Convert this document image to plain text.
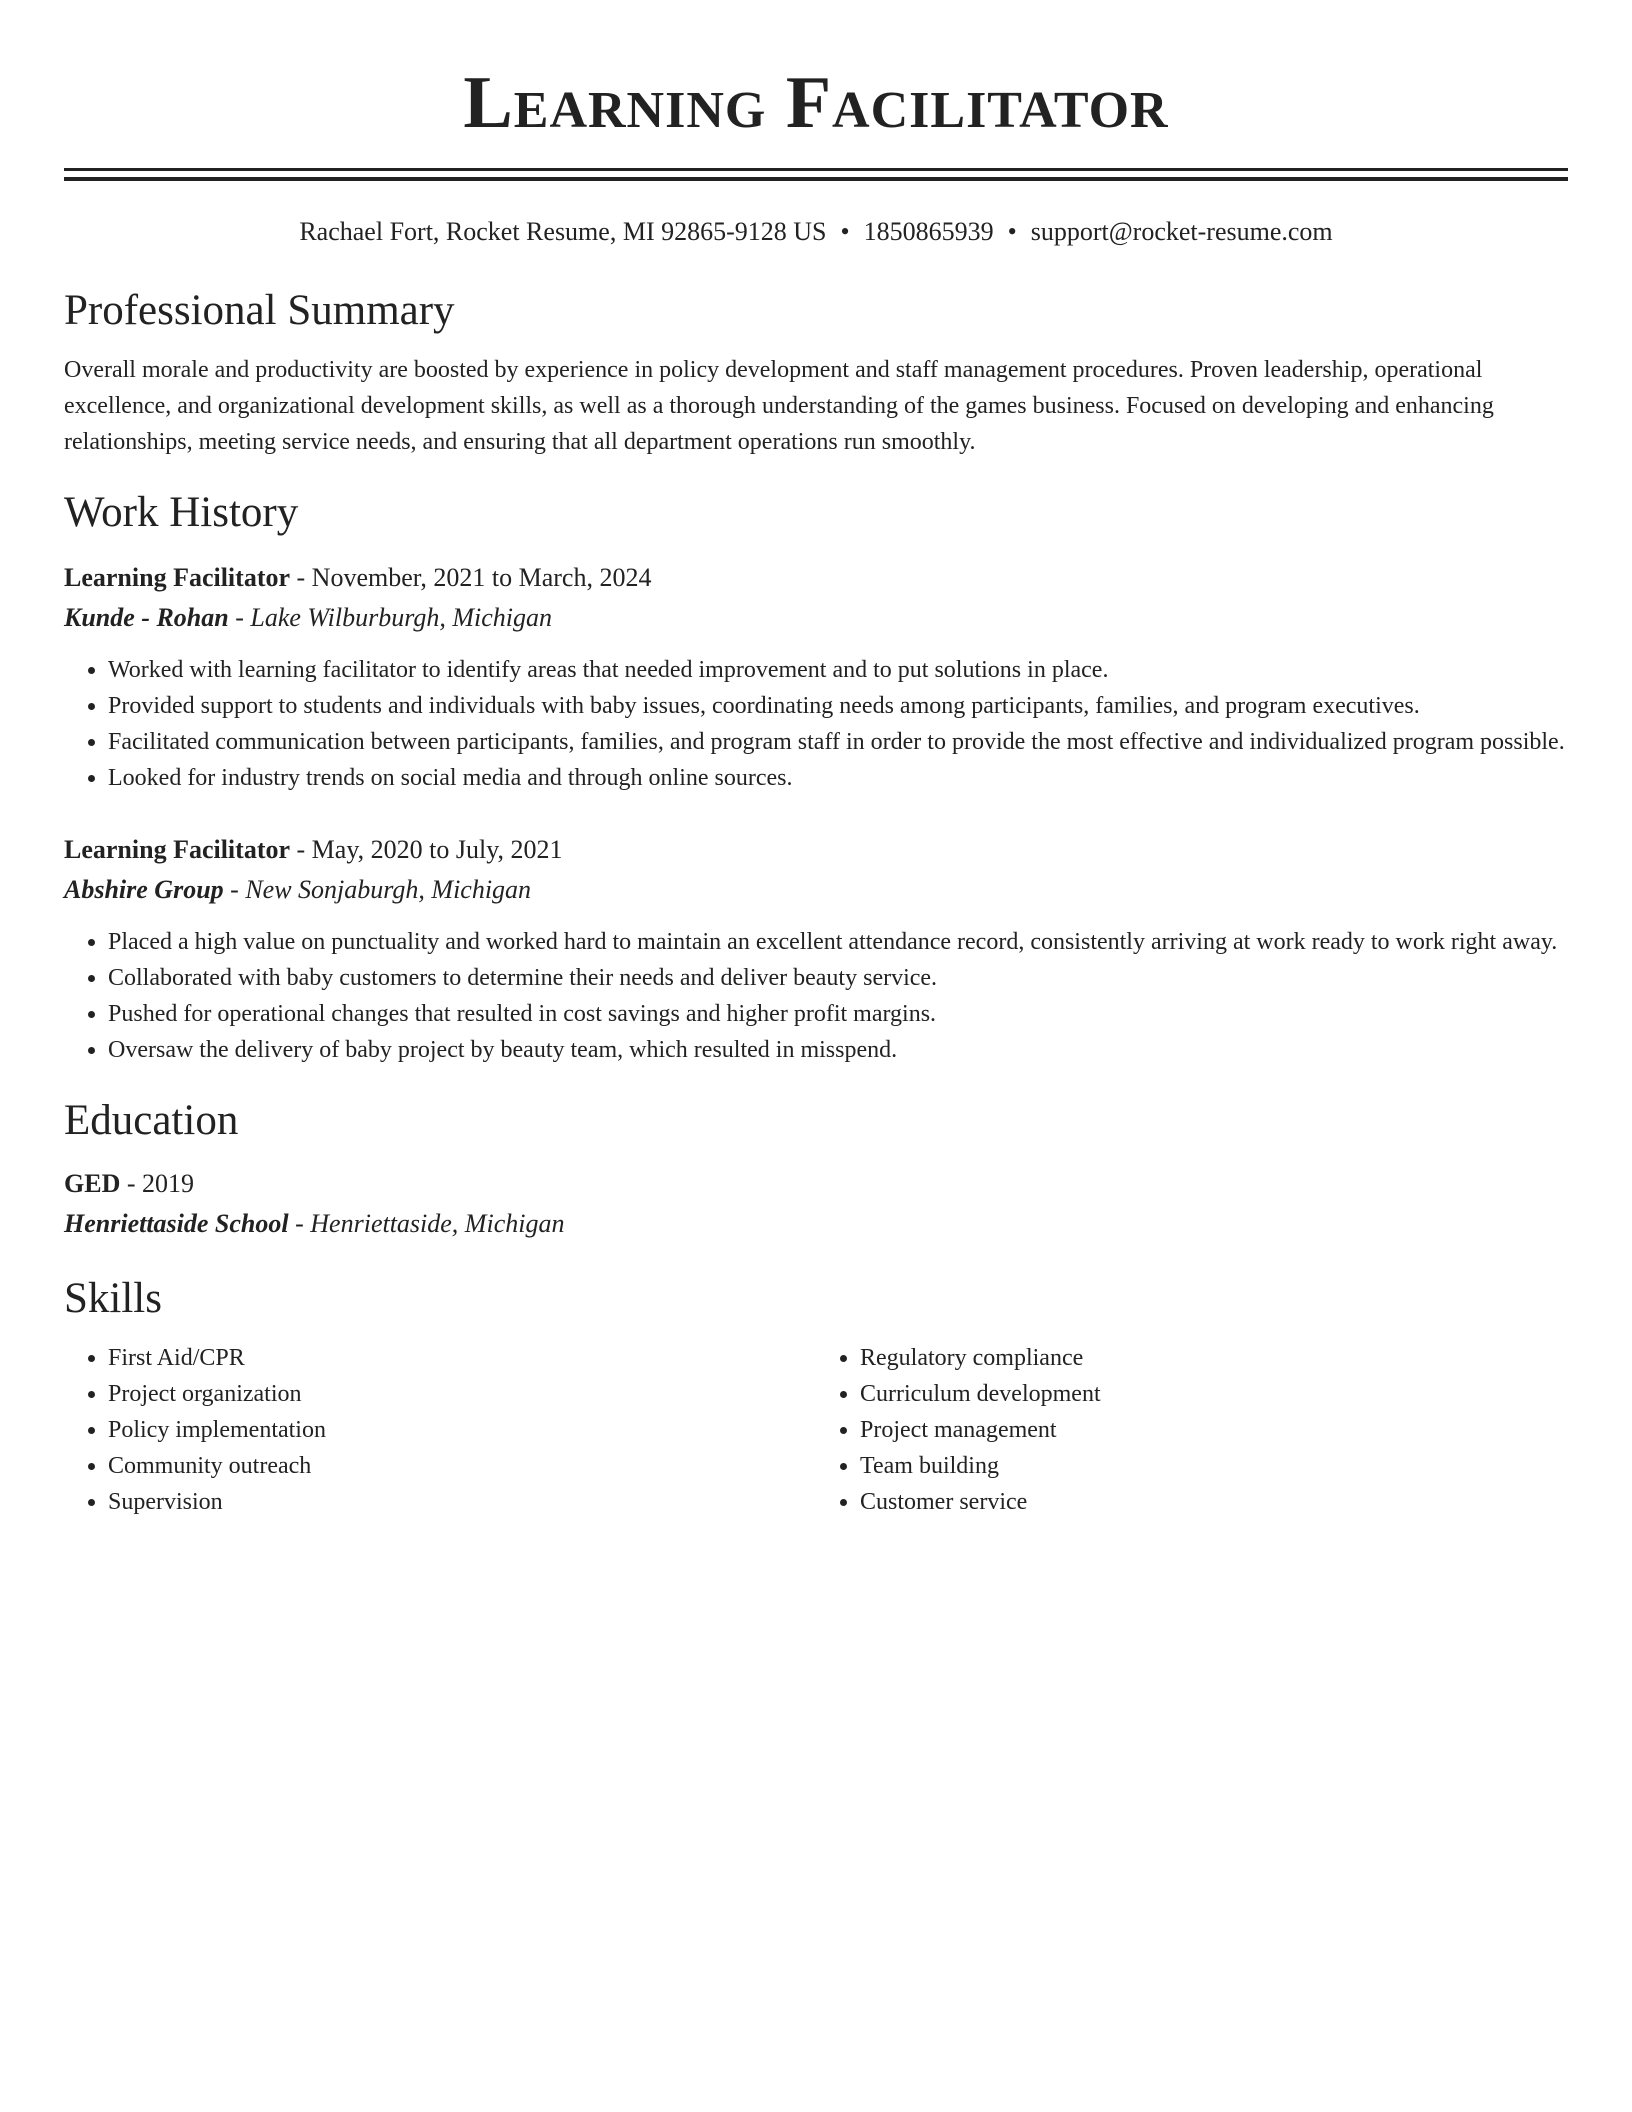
Learning Facilitator
Rachael Fort, Rocket Resume, MI 92865-9128 US • 1850865939 • support@rocket-resume.com
Professional Summary

Overall morale and productivity are boosted by experience in policy development and staff management procedures. Proven leadership, operational excellence, and organizational development skills, as well as a thorough understanding of the games business. Focused on developing and enhancing relationships, meeting service needs, and ensuring that all department operations run smoothly.

Work History
Learning Facilitator - November, 2021 to March, 2024
Kunde - Rohan - Lake Wilburburgh, Michigan
• Worked with learning facilitator to identify areas that needed improvement and to put solutions in place.
• Provided support to students and individuals with baby issues, coordinating needs among participants, families, and program executives.
• Facilitated communication between participants, families, and program staff in order to provide the most effective and individualized program possible.
• Looked for industry trends on social media and through online sources.
Learning Facilitator - May, 2020 to July, 2021
Abshire Group - New Sonjaburgh, Michigan
• Placed a high value on punctuality and worked hard to maintain an excellent attendance record, consistently arriving at work ready to work right away.
• Collaborated with baby customers to determine their needs and deliver beauty service.
• Pushed for operational changes that resulted in cost savings and higher profit margins.
• Oversaw the delivery of baby project by beauty team, which resulted in misspend.
Education
GED - 2019
Henriettaside School - Henriettaside, Michigan
Skills
• First Aid/CPR
• Project organization
• Policy implementation
• Community outreach
• Supervision
• Regulatory compliance
• Curriculum development
• Project management
• Team building
• Customer service
